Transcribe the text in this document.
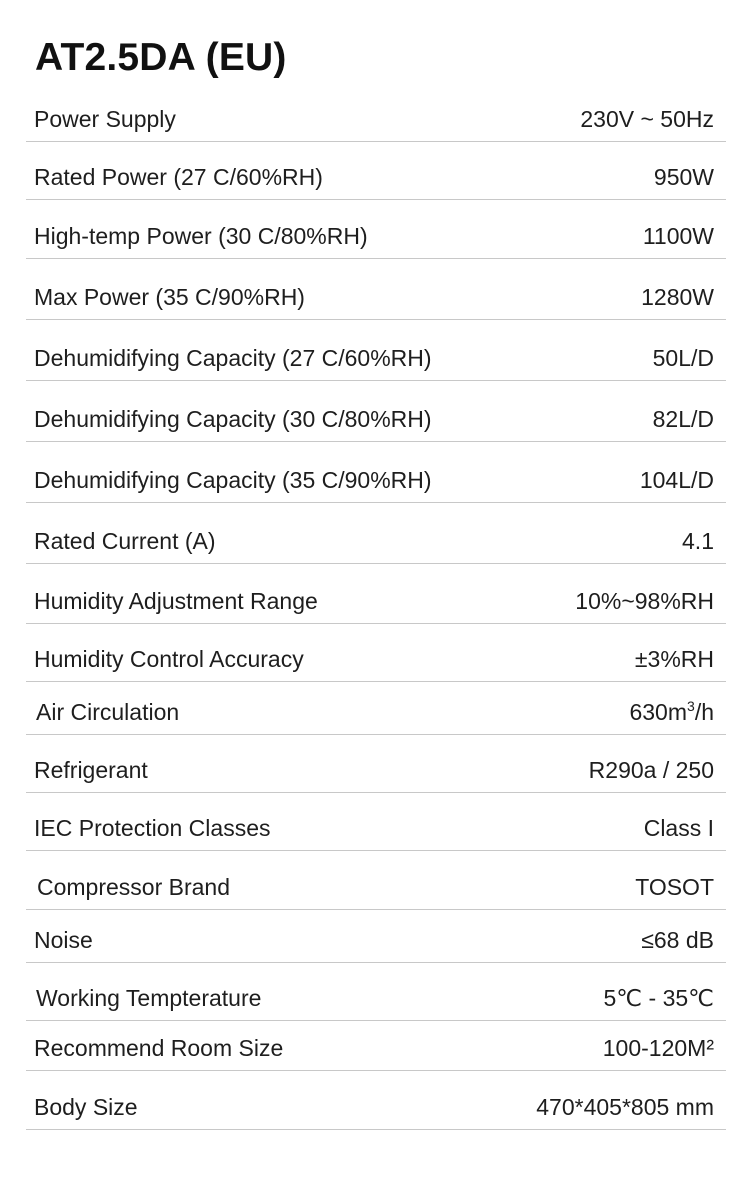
AT2.5DA (EU)
Power Supply	230V ~ 50Hz
Rated Power (27 C/60%RH)	950W
High-temp Power (30 C/80%RH)	1100W
Max Power (35 C/90%RH)	1280W
Dehumidifying Capacity (27 C/60%RH)	50L/D
Dehumidifying Capacity (30 C/80%RH)	82L/D
Dehumidifying Capacity (35 C/90%RH)	104L/D
Rated Current (A)	4.1
Humidity Adjustment Range	10%~98%RH
Humidity Control Accuracy	±3%RH
Air Circulation	$630m^3/h$
Refrigerant	R290a / 250
IEC Protection Classes	Class I
Compressor Brand	TOSOT
Noise	≤68 dB
Working Tempterature	5℃ - 35℃
Recommend Room Size	100-120M²
Body Size	470*405*805 mm
